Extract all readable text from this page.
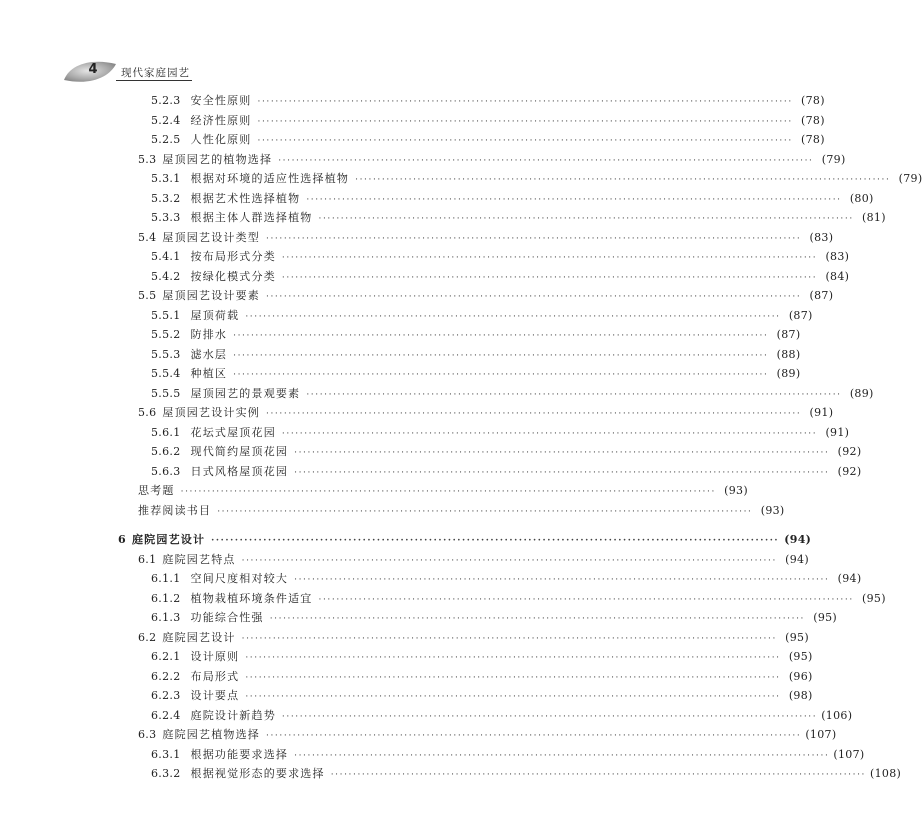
4	现代家庭园艺
5.2.3 安全性原则 ························································································································ (78)
5.2.4 经济性原则 ························································································································ (78)
5.2.5 人性化原则 ························································································································ (78)
5.3 屋顶园艺的植物选择 ························································································································ (79)
5.3.1 根据对环境的适应性选择植物 ························································································································ (79)
5.3.2 根据艺术性选择植物 ························································································································ (80)
5.3.3 根据主体人群选择植物 ························································································································ (81)
5.4 屋顶园艺设计类型 ························································································································ (83)
5.4.1 按布局形式分类 ························································································································ (83)
5.4.2 按绿化模式分类 ························································································································ (84)
5.5 屋顶园艺设计要素 ························································································································ (87)
5.5.1 屋顶荷载 ························································································································ (87)
5.5.2 防排水 ························································································································ (87)
5.5.3 滤水层 ························································································································ (88)
5.5.4 种植区 ························································································································ (89)
5.5.5 屋顶园艺的景观要素 ························································································································ (89)
5.6 屋顶园艺设计实例 ························································································································ (91)
5.6.1 花坛式屋顶花园 ························································································································ (91)
5.6.2 现代简约屋顶花园 ························································································································ (92)
5.6.3 日式风格屋顶花园 ························································································································ (92)
思考题 ························································································································ (93)
推荐阅读书目 ························································································································ (93)
6 庭院园艺设计 ························································································································ (94)
6.1 庭院园艺特点 ························································································································ (94)
6.1.1 空间尺度相对较大 ························································································································ (94)
6.1.2 植物栽植环境条件适宜 ························································································································ (95)
6.1.3 功能综合性强 ························································································································ (95)
6.2 庭院园艺设计 ························································································································ (95)
6.2.1 设计原则 ························································································································ (95)
6.2.2 布局形式 ························································································································ (96)
6.2.3 设计要点 ························································································································ (98)
6.2.4 庭院设计新趋势 ························································································································ (106)
6.3 庭院园艺植物选择 ························································································································ (107)
6.3.1 根据功能要求选择 ························································································································ (107)
6.3.2 根据视觉形态的要求选择 ························································································································ (108)
